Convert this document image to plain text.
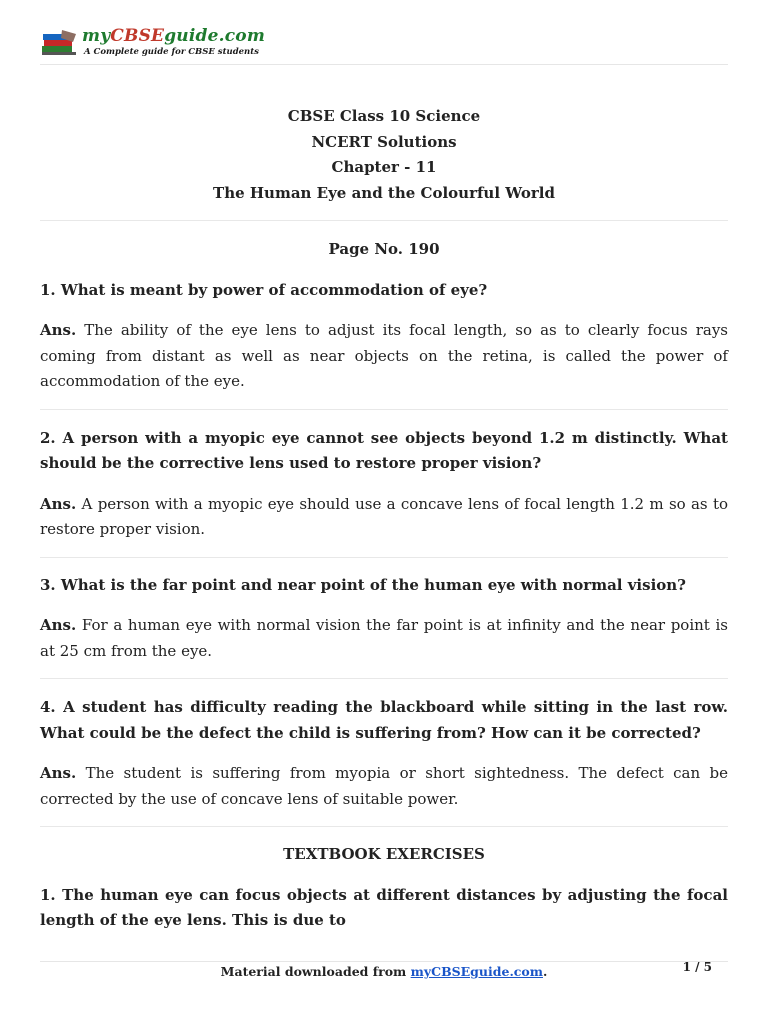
myCBSEguide.com
A Complete guide for CBSE students
CBSE Class 10 Science
NCERT Solutions
Chapter - 11
The Human Eye and the Colourful World

Page No. 190

1. What is meant by power of accommodation of eye?

Ans. The ability of the eye lens to adjust its focal length, so as to clearly focus rays coming from distant as well as near objects on the retina, is called the power of accommodation of the eye.

2. A person with a myopic eye cannot see objects beyond 1.2 m distinctly. What should be the corrective lens used to restore proper vision?

Ans. A person with a myopic eye should use a concave lens of focal length 1.2 m so as to restore proper vision.

3. What is the far point and near point of the human eye with normal vision?

Ans. For a human eye with normal vision the far point is at infinity and the near point is at 25 cm from the eye.

4. A student has difficulty reading the blackboard while sitting in the last row. What could be the defect the child is suffering from? How can it be corrected?

Ans. The student is suffering from myopia or short sightedness. The defect can be corrected by the use of concave lens of suitable power.

TEXTBOOK EXERCISES

1. The human eye can focus objects at different distances by adjusting the focal length of the eye lens. This is due to

Material downloaded from myCBSEguide.com.	1 / 5
